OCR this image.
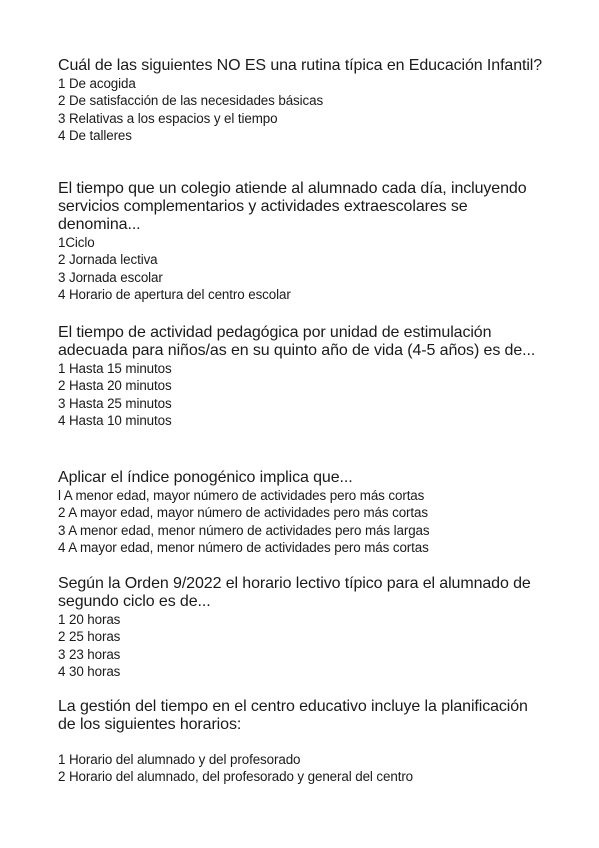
Cuál de las siguientes NO ES una rutina típica en Educación Infantil?

1 De acogida
2 De satisfacción de las necesidades básicas
3 Relativas a los espacios y el tiempo
4 De talleres

El tiempo que un colegio atiende al alumnado cada día, incluyendo servicios complementarios y actividades extraescolares se denomina...

1Ciclo
2 Jornada lectiva
3 Jornada escolar
4 Horario de apertura del centro escolar

El tiempo de actividad pedagógica por unidad de estimulación adecuada para niños/as en su quinto año de vida (4-5 años) es de...

1 Hasta 15 minutos
2 Hasta 20 minutos
3 Hasta 25 minutos
4 Hasta 10 minutos

Aplicar el índice ponogénico implica que...

l A menor edad, mayor número de actividades pero más cortas
2 A mayor edad, mayor número de actividades pero más cortas
3 A menor edad, menor número de actividades pero más largas
4 A mayor edad, menor número de actividades pero más cortas

Según la Orden 9/2022 el horario lectivo típico para el alumnado de segundo ciclo es de...

1 20 horas
2 25 horas
3 23 horas
4 30 horas

La gestión del tiempo en el centro educativo incluye la planificación de los siguientes horarios:

1 Horario del alumnado y del profesorado
2 Horario del alumnado, del profesorado y general del centro
